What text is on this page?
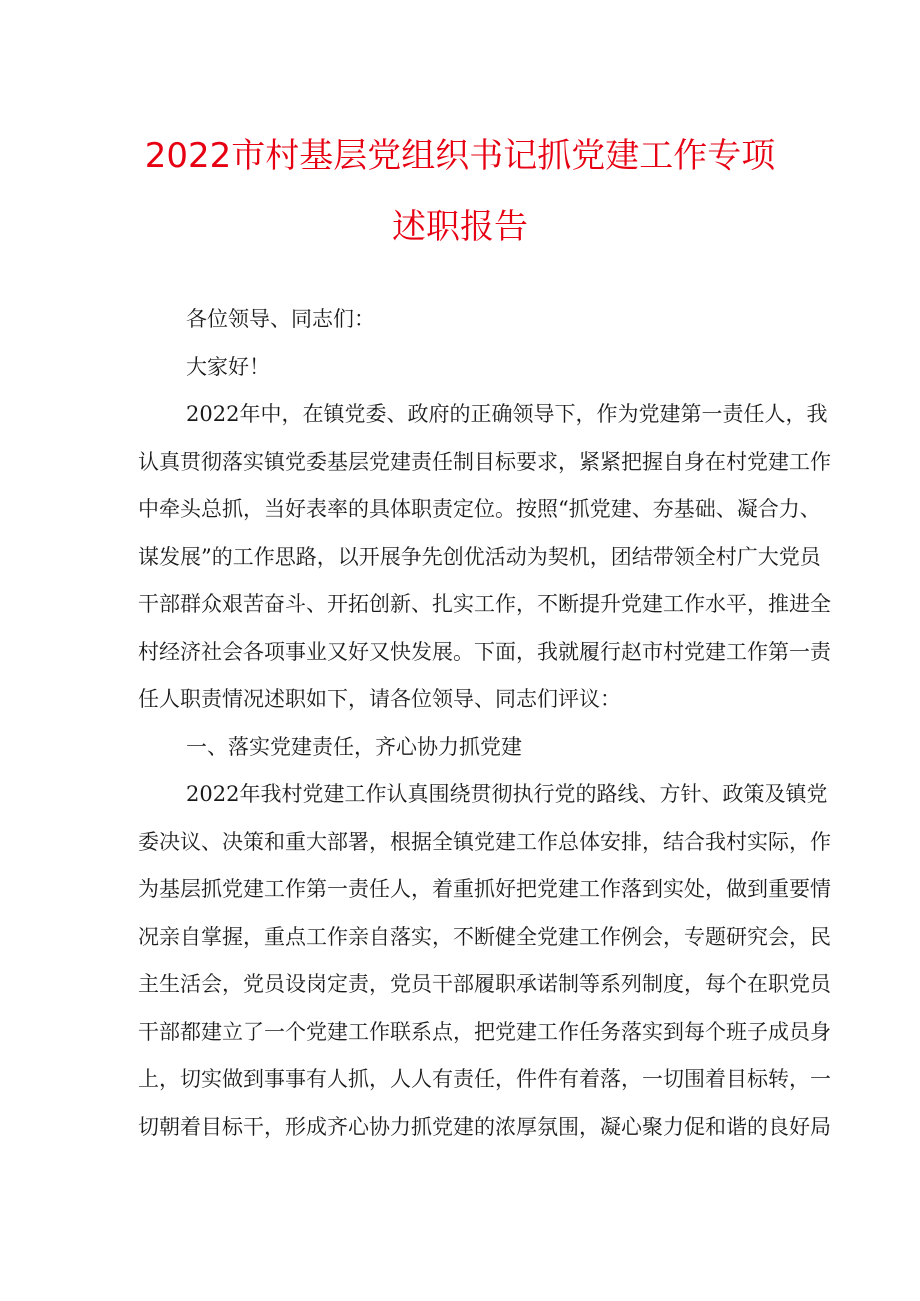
2022市村基层党组织书记抓党建工作专项
述职报告
各位领导、同志们：
大家好！
2022年中，在镇党委、政府的正确领导下，作为党建第一责任人，我
认真贯彻落实镇党委基层党建责任制目标要求，紧紧把握自身在村党建工作
中牵头总抓，当好表率的具体职责定位。按照“抓党建、夯基础、凝合力、
谋发展”的工作思路，以开展争先创优活动为契机，团结带领全村广大党员
干部群众艰苦奋斗、开拓创新、扎实工作，不断提升党建工作水平，推进全
村经济社会各项事业又好又快发展。下面，我就履行赵市村党建工作第一责
任人职责情况述职如下，请各位领导、同志们评议：
一、落实党建责任，齐心协力抓党建
2022年我村党建工作认真围绕贯彻执行党的路线、方针、政策及镇党
委决议、决策和重大部署，根据全镇党建工作总体安排，结合我村实际，作
为基层抓党建工作第一责任人，着重抓好把党建工作落到实处，做到重要情
况亲自掌握，重点工作亲自落实，不断健全党建工作例会，专题研究会，民
主生活会，党员设岗定责，党员干部履职承诺制等系列制度，每个在职党员
干部都建立了一个党建工作联系点，把党建工作任务落实到每个班子成员身
上，切实做到事事有人抓，人人有责任，件件有着落，一切围着目标转，一
切朝着目标干，形成齐心协力抓党建的浓厚氛围，凝心聚力促和谐的良好局
